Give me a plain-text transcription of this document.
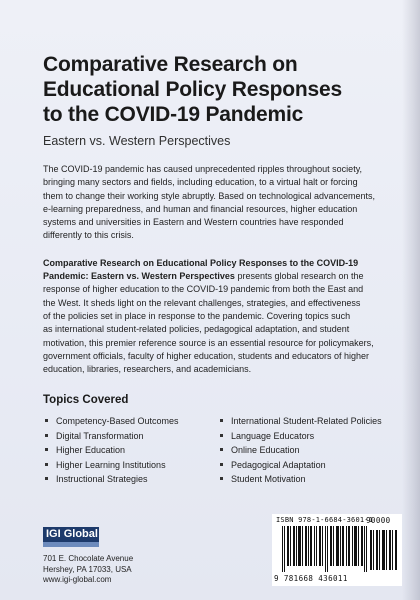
Comparative Research on
Educational Policy Responses
to the COVID-19 Pandemic

Eastern vs. Western Perspectives

The COVID-19 pandemic has caused unprecedented ripples throughout society,
bringing many sectors and fields, including education, to a virtual halt or forcing
them to change their working style abruptly. Based on technological advancements,
e-learning preparedness, and human and financial resources, higher education
systems and universities in Eastern and Western countries have responded
differently to this crisis.
Comparative Research on Educational Policy Responses to the COVID-19
Pandemic: Eastern vs. Western Perspectives presents global research on the
response of higher education to the COVID-19 pandemic from both the East and
the West. It sheds light on the relevant challenges, strategies, and effectiveness
of the policies set in place in response to the pandemic. Covering topics such
as international student-related policies, pedagogical adaptation, and student
motivation, this premier reference source is an essential resource for policymakers,
government officials, faculty of higher education, students and educators of higher
education, libraries, researchers, and academicians.
Topics Covered
Competency-Based Outcomes
Digital Transformation
Higher Education
Higher Learning Institutions
Instructional Strategies
International Student-Related Policies
Language Educators
Online Education
Pedagogical Adaptation
Student Motivation
IGI Global
701 E. Chocolate Avenue
Hershey, PA 17033, USA
www.igi-global.com
ISBN 978-1-6684-3601-1
9 781668 436011
90000
